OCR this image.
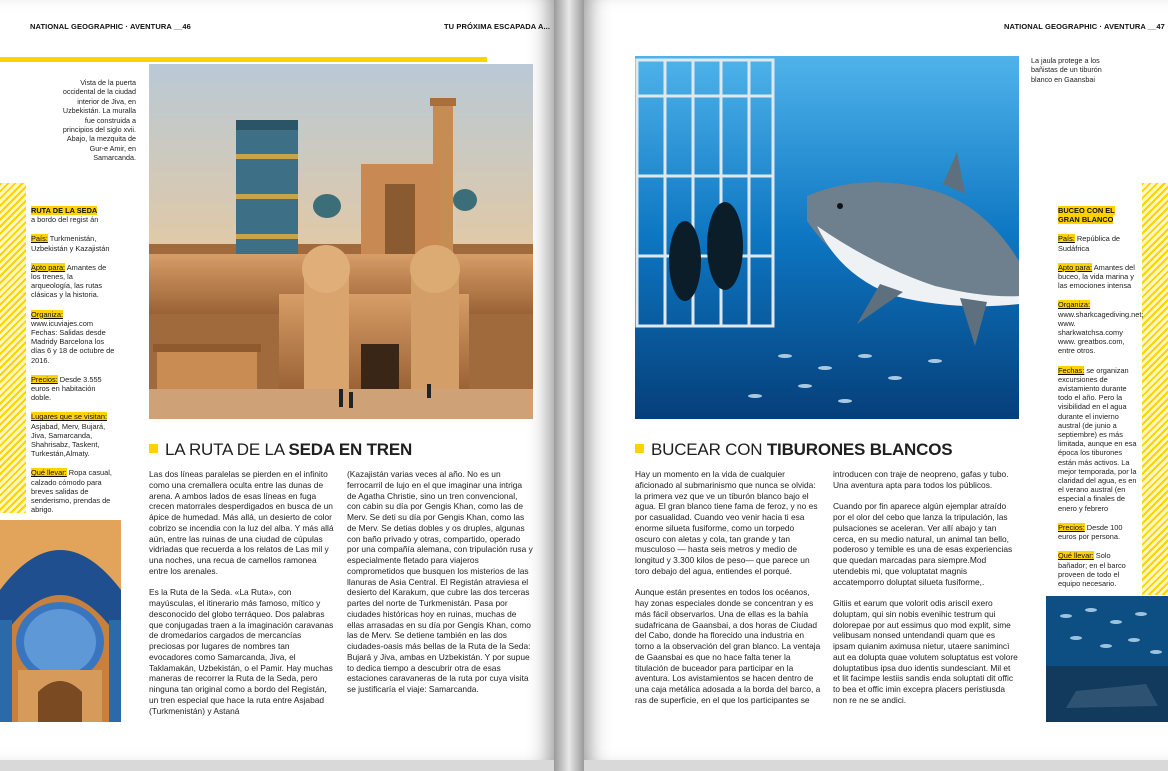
NATIONAL GEOGRAPHIC · AVENTURA __46	TU PRÓXIMA ESCAPADA A...
Vista de la puerta occidental de la ciudad interior de Jiva, en Uzbekistán. La muralla fue construida a principios del siglo xvii. Abajo, la mezquita de Gur-e Amir, en Samarcanda.
RUTA DE LA SEDA
a bordo del regist án
País: Turkmenistán, Uzbekistán y Kazajistán
Apto para: Amantes de los trenes, la arqueología, las rutas clásicas y la historia.
Organiza: www.icuviajes.com Fechas: Salidas desde Madridy Barcelona los días 6 y 18 de octubre de 2016.
Precios: Desde 3.555 euros en habitación doble.
Lugares que se visitan: Asjabad, Merv, Bujará, Jiva, Samarcanda, Shahrisabz, Taskent, Turkestán,Almaty.
Qué llevar: Ropa casual, calzado cómodo para breves salidas de senderismo, prendas de abrigo.
LA RUTA DE LA SEDA EN TREN

Las dos líneas paralelas se pierden en el infinito como una cremallera oculta entre las dunas de arena. A ambos lados de esas líneas en fuga crecen matorrales desperdigados en busca de un ápice de humedad. Más allá, un desierto de color cobrizo se incendia con la luz del alba. Y más allá aún, entre las ruinas de una ciudad de cúpulas vidriadas que recuerda a los relatos de Las mil y una noches, una recua de camellos ramonea entre los arenales.

Es la Ruta de la Seda. «La Ruta», con mayúsculas, el itinerario más famoso, mítico y desconocido del globo terráqueo. Dos palabras que conjugadas traen a la imaginación caravanas de dromedarios cargados de mercancías preciosas por lugares de nombres tan evocadores como Samarcanda, Jiva, el Taklamakán, Uzbekistán, o el Pamir. Hay muchas maneras de recorrer la Ruta de la Seda, pero ninguna tan original como a bordo del Registán, un tren especial que hace la ruta entre Asjabad (Turkmenistán) y Astaná

(Kazajistán varias veces al año. No es un ferrocarril de lujo en el que imaginar una intriga de Agatha Christie, sino un tren convencional, con cabin su día por Gengis Khan, como las de Merv. Se deti su día por Gengis Khan, como las de Merv. Se detias dobles y os druples, algunas con baño privado y otras, compartido, operado por una compañía alemana, con tripulación rusa y especialmente fletado para viajeros comprometidos que busquen los misterios de las llanuras de Asia Central. El Registán atraviesa el desierto del Karakum, que cubre las dos terceras partes del norte de Turkmenistán. Pasa por ciudades históricas hoy en ruinas, muchas de ellas arrasadas en su día por Gengis Khan, como las de Merv. Se detiene también en las dos ciudades-oasis más bellas de la Ruta de la Seda: Bujará y Jiva, ambas en Uzbekistán. Y por supue to dedica tiempo a descubrir otra de esas estaciones caravaneras de la ruta por cuya visita se justificaría el viaje: Samarcanda.

NATIONAL GEOGRAPHIC · AVENTURA __47
La jaula protege a los bañistas de un tiburón blanco en Gaansbai
BUCEO CON EL GRAN BLANCO
País: República de Sudáfrica
Apto para: Amantes del buceo, la vida marina y las emociones intensa
Organiza: www.sharkcagediving.net; www. sharkwatchsa.comy www. greatbos.com, entre otros.
Fechas: se organizan excursiones de avistamiento durante todo el año. Pero la visibilidad en el agua durante el invierno austral (de junio a septiembre) es más limitada, aunque en esa época los tiburones están más activos. La mejor temporada, por la claridad del agua, es en el verano austral (en especial a finales de enero y febrero
Precios: Desde 100 euros por persona.
Qué llevar: Solo bañador; en el barco proveen de todo el equipo necesario.
BUCEAR CON TIBURONES BLANCOS

Hay un momento en la vida de cualquier aficionado al submarinismo que nunca se olvida: la primera vez que ve un tiburón blanco bajo el agua. El gran blanco tiene fama de feroz, y no es por casualidad. Cuando veo venir hacia ti esa enorme silueta fusiforme, como un torpedo oscuro con aletas y cola, tan grande y tan musculoso — hasta seis metros y medio de longitud y 3.300 kilos de peso— que parece un toro debajo del agua, entiendes el porqué.

Aunque están presentes en todos los océanos, hay zonas especiales donde se concentran y es más fácil observarlos. Una de ellas es la bahía sudafricana de Gaansbai, a dos horas de Ciudad del Cabo, donde ha florecido una industria en torno a la observación del gran blanco. La ventaja de Gaansbai es que no hace falta tener la titulación de buceador para participar en la aventura. Los avistamientos se hacen dentro de una caja metálica adosada a la borda del barco, a ras de superficie, en el que los participantes se

introducen con traje de neopreno, gafas y tubo. Una aventura apta para todos los públicos.

Cuando por fin aparece algún ejemplar atraído por el olor del cebo que lanza la tripulación, las pulsaciones se aceleran. Ver allí abajo y tan cerca, en su medio natural, un animal tan bello, poderoso y temible es una de esas experiencias que quedan marcadas para siempre.Mod utendebis mi, que voluptatat magnis accatemporro doluptat silueta fusiforme,.

Gitiis et earum que volorit odis ariscil exero doluptam, qui sin nobis evenihic testrum qui dolorepae por aut essimus quo mod explit, sime velibusam nonsed untendandi quam que es ipsam quianim aximusa nietur, utaere sanimincì aut ea dolupta quae volutem soluptatus est volore doluptatibus ipsa duo identis sundesciant. Mil et et lit facimpe lestiis sandis enda soluptati dit offic to bea et offic imin excepra placers peristiusda non re ne se andici.
